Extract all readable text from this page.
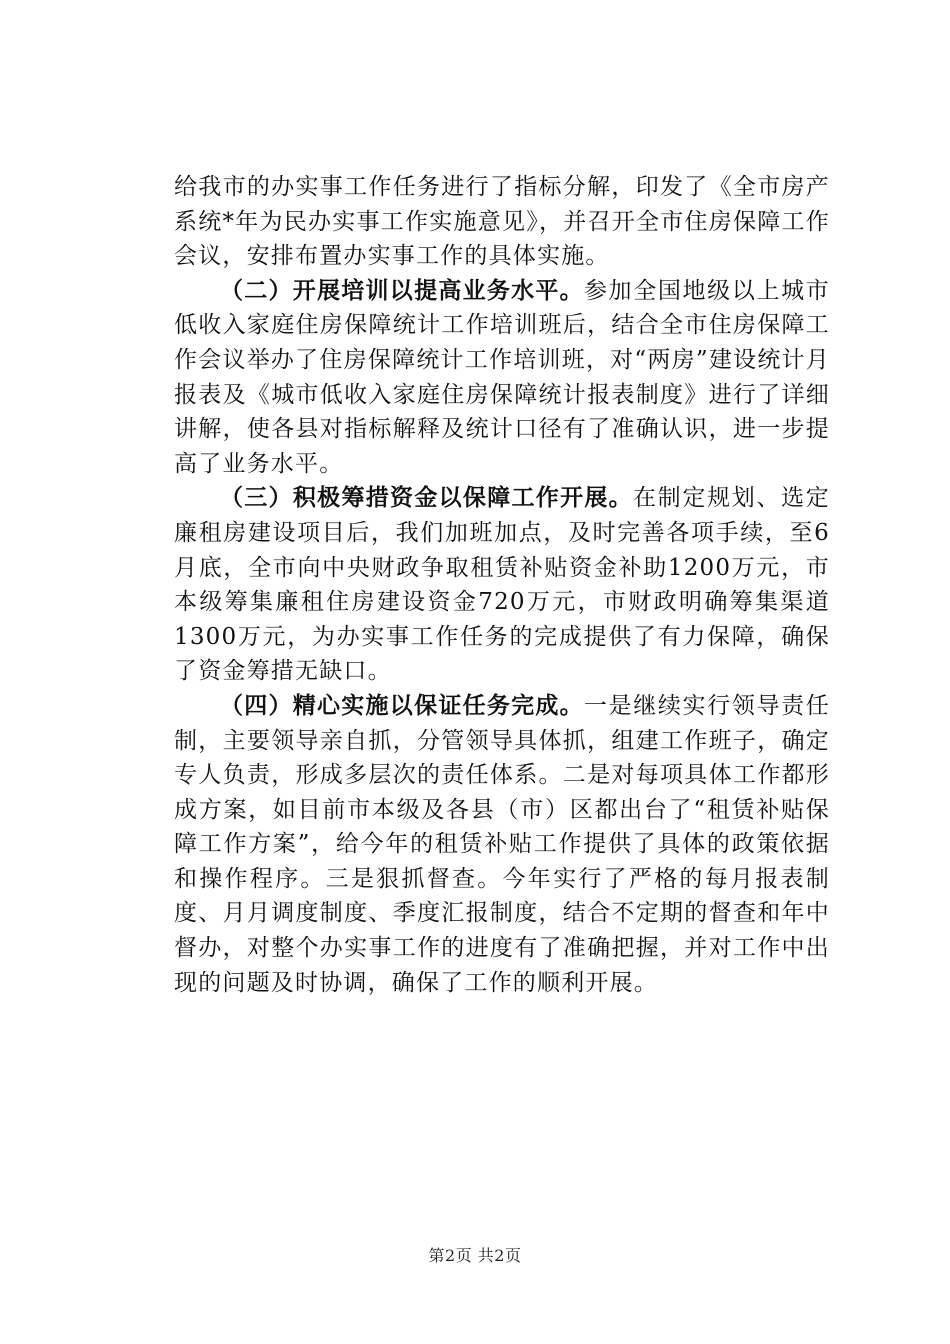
给我市的办实事工作任务进行了指标分解，印发了《全市房产系统*年为民办实事工作实施意见》，并召开全市住房保障工作会议，安排布置办实事工作的具体实施。

（二）开展培训以提高业务水平。参加全国地级以上城市低收入家庭住房保障统计工作培训班后，结合全市住房保障工作会议举办了住房保障统计工作培训班，对“两房”建设统计月报表及《城市低收入家庭住房保障统计报表制度》进行了详细讲解，使各县对指标解释及统计口径有了准确认识，进一步提高了业务水平。

（三）积极筹措资金以保障工作开展。在制定规划、选定廉租房建设项目后，我们加班加点，及时完善各项手续，至6月底，全市向中央财政争取租赁补贴资金补助1200万元，市本级筹集廉租住房建设资金720万元，市财政明确筹集渠道1300万元，为办实事工作任务的完成提供了有力保障，确保了资金筹措无缺口。

（四）精心实施以保证任务完成。一是继续实行领导责任制，主要领导亲自抓，分管领导具体抓，组建工作班子，确定专人负责，形成多层次的责任体系。二是对每项具体工作都形成方案，如目前市本级及各县（市）区都出台了“租赁补贴保障工作方案”，给今年的租赁补贴工作提供了具体的政策依据和操作程序。三是狠抓督查。今年实行了严格的每月报表制度、月月调度制度、季度汇报制度，结合不定期的督查和年中督办，对整个办实事工作的进度有了准确把握，并对工作中出现的问题及时协调，确保了工作的顺利开展。

第2页 共2页
